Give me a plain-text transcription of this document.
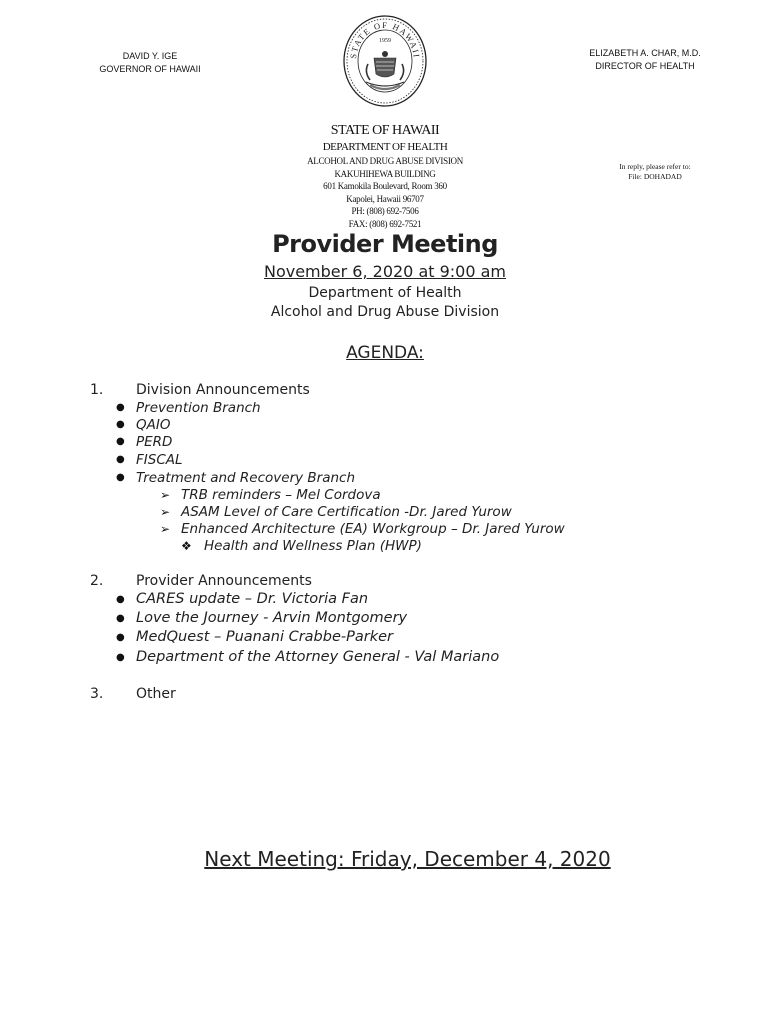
DAVID Y. IGE
GOVERNOR OF HAWAII
STATE OF HAWAII
1959
ELIZABETH A. CHAR, M.D.
DIRECTOR OF HEALTH
STATE OF HAWAII
DEPARTMENT OF HEALTH
ALCOHOL AND DRUG ABUSE DIVISION
KAKUHIHEWA BUILDING
601 Kamokila Boulevard, Room 360
Kapolei, Hawaii 96707
PH: (808) 692-7506
FAX: (808) 692-7521
In reply, please refer to:
File: DOHADAD
Provider Meeting
November 6, 2020 at 9:00 am
Department of Health
Alcohol and Drug Abuse Division
AGENDA:
1. Division Announcements
● Prevention Branch
● QAIO
● PERD
● FISCAL
● Treatment and Recovery Branch
➢ TRB reminders – Mel Cordova
➢ ASAM Level of Care Certification -Dr. Jared Yurow
➢ Enhanced Architecture (EA) Workgroup – Dr. Jared Yurow
❖ Health and Wellness Plan (HWP)
2. Provider Announcements
● CARES update – Dr. Victoria Fan
● Love the Journey - Arvin Montgomery
● MedQuest – Puanani Crabbe-Parker
● Department of the Attorney General - Val Mariano
3. Other
Next Meeting: Friday, December 4, 2020
